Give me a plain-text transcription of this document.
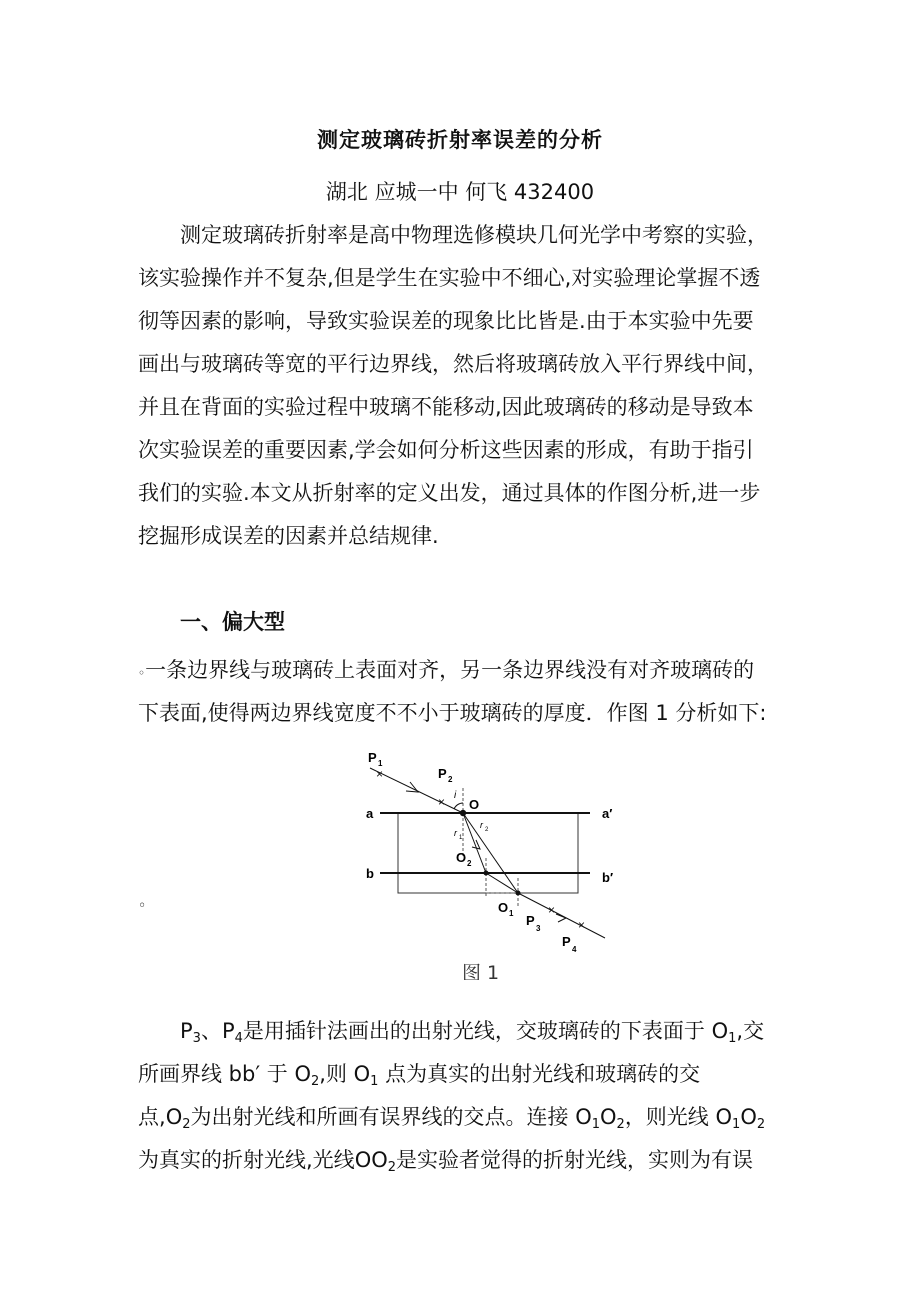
测定玻璃砖折射率误差的分析
湖北 应城一中 何飞 432400
测定玻璃砖折射率是高中物理选修模块几何光学中考察的实验，
该实验操作并不复杂,但是学生在实验中不细心,对实验理论掌握不透
彻等因素的影响，导致实验误差的现象比比皆是.由于本实验中先要
画出与玻璃砖等宽的平行边界线，然后将玻璃砖放入平行界线中间，
并且在背面的实验过程中玻璃不能移动,因此玻璃砖的移动是导致本
次实验误差的重要因素,学会如何分析这些因素的形成，有助于指引
我们的实验.本文从折射率的定义出发，通过具体的作图分析,进一步
挖掘形成误差的因素并总结规律.
一、偏大型
◦一条边界线与玻璃砖上表面对齐，另一条边界线没有对齐玻璃砖的
下表面,使得两边界线宽度不不小于玻璃砖的厚度．作图 1 分析如下:
◦
×
×
×
×
P 1
P 2
O
i
r 1
r 2
a	a′
b	b′
O 2
O 1 P
3
P
4
图 1
$P_3$、$P_4$是用插针法画出的出射光线，交玻璃砖的下表面于 $O_1$,交
所画界线 bb′ 于 $O_2$,则 $O_1$ 点为真实的出射光线和玻璃砖的交
点$,O_2$为出射光线和所画有误界线的交点。连接 $O_1O_2$，则光线 $O_1O_2$
为真实的折射光线,光线$OO_2$是实验者觉得的折射光线，实则为有误
